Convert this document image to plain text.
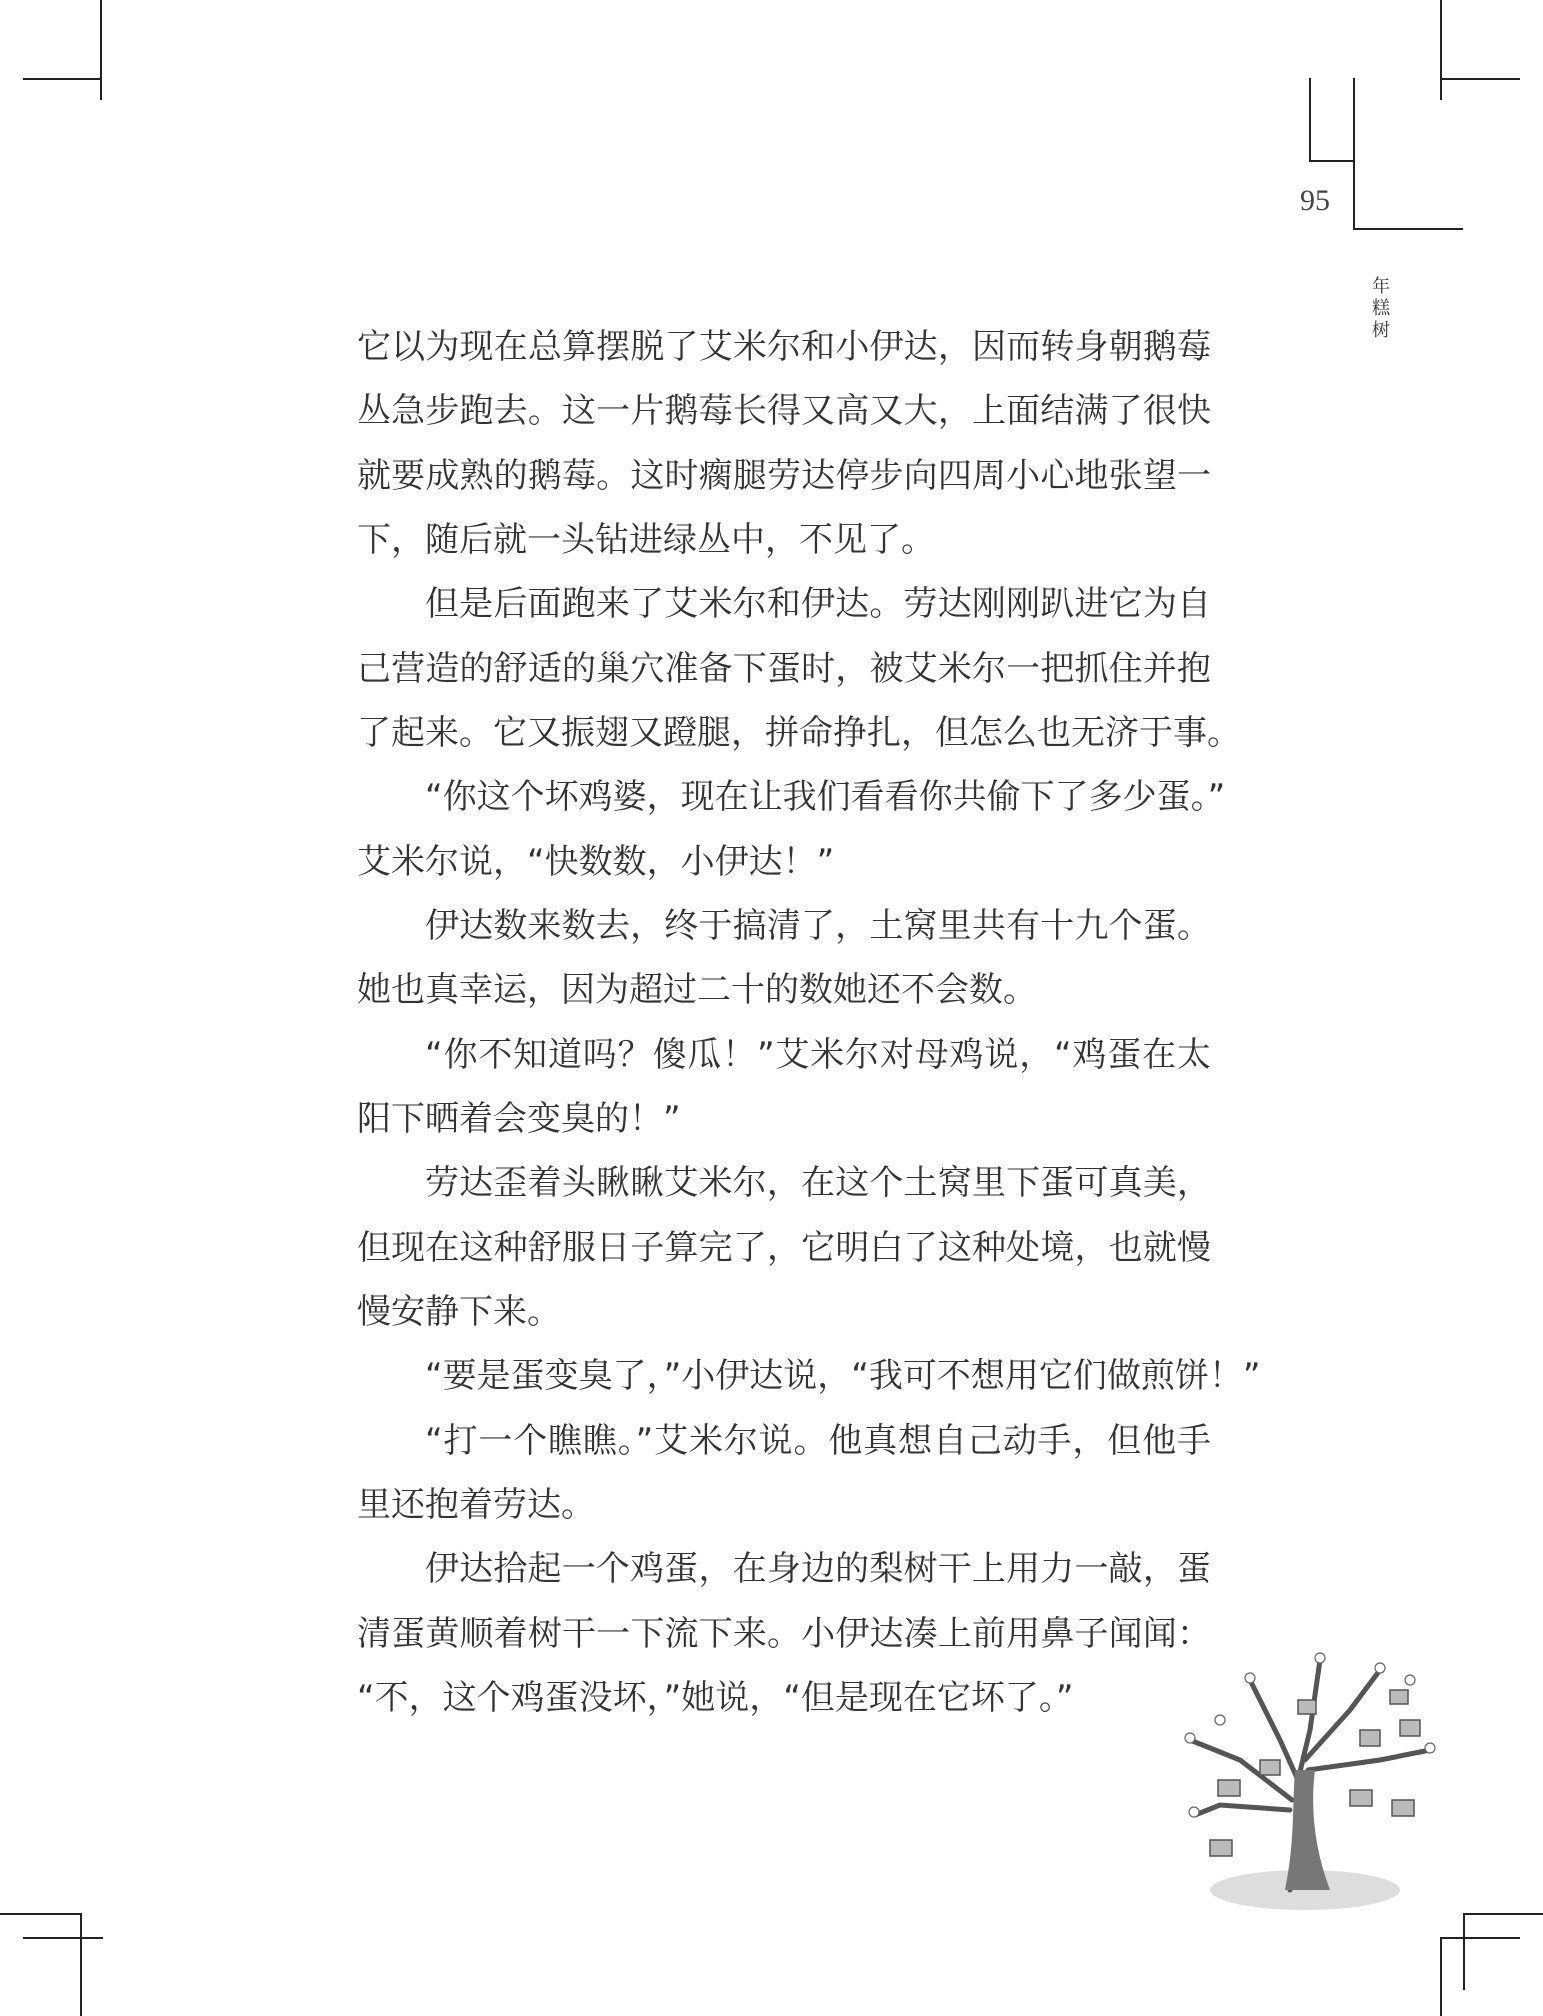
95
年糕树
它以为现在总算摆脱了艾米尔和小伊达，因而转身朝鹅莓
丛急步跑去。这一片鹅莓长得又高又大，上面结满了很快
就要成熟的鹅莓。这时瘸腿劳达停步向四周小心地张望一
下，随后就一头钻进绿丛中，不见了。
但是后面跑来了艾米尔和伊达。劳达刚刚趴进它为自
己营造的舒适的巢穴准备下蛋时，被艾米尔一把抓住并抱
了起来。它又振翅又蹬腿，拼命挣扎，但怎么也无济于事。
“你这个坏鸡婆，现在让我们看看你共偷下了多少蛋。”
艾米尔说，“快数数，小伊达！”
伊达数来数去，终于搞清了，土窝里共有十九个蛋。
她也真幸运，因为超过二十的数她还不会数。
“你不知道吗？傻瓜！”艾米尔对母鸡说，“鸡蛋在太
阳下晒着会变臭的！”
劳达歪着头瞅瞅艾米尔，在这个土窝里下蛋可真美，
但现在这种舒服日子算完了，它明白了这种处境，也就慢
慢安静下来。
“要是蛋变臭了，”小伊达说，“我可不想用它们做煎饼！”
“打一个瞧瞧。”艾米尔说。他真想自己动手，但他手
里还抱着劳达。
伊达拾起一个鸡蛋，在身边的梨树干上用力一敲，蛋
清蛋黄顺着树干一下流下来。小伊达凑上前用鼻子闻闻：
“不，这个鸡蛋没坏，”她说，“但是现在它坏了。”
